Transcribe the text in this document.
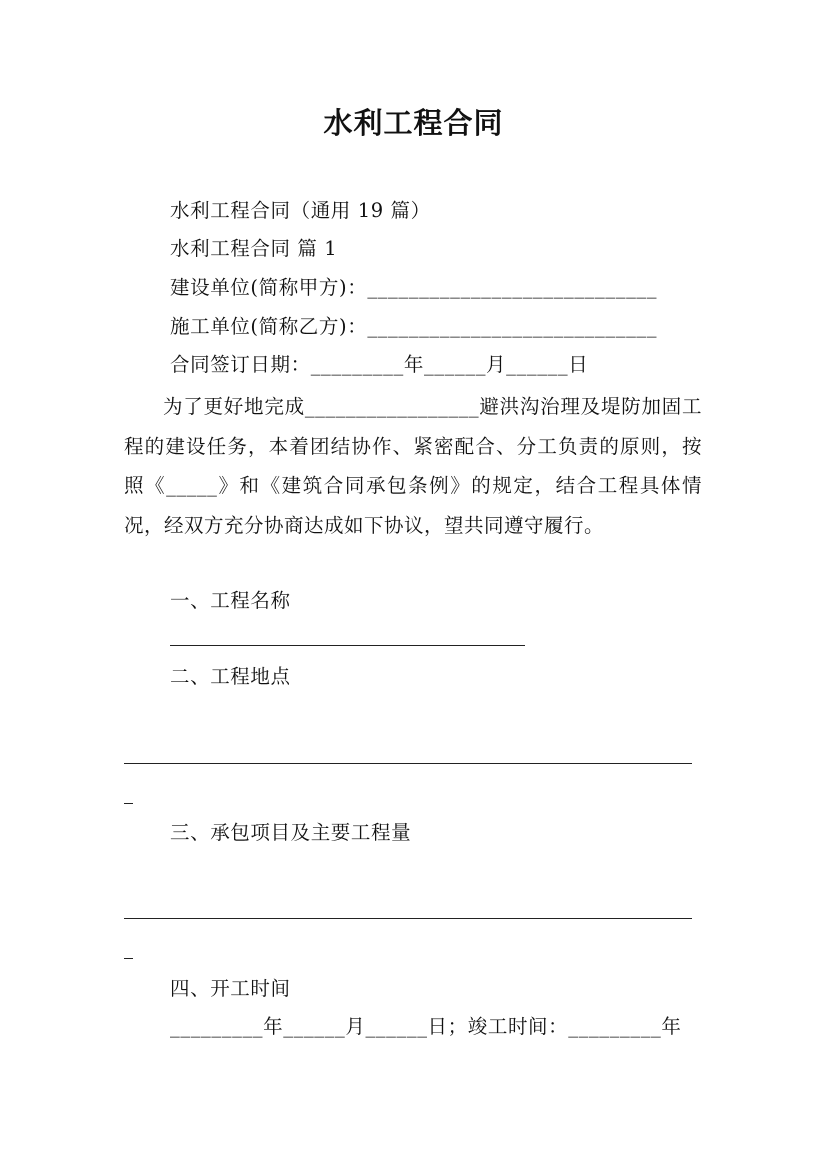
水利工程合同
水利工程合同（通用 19 篇）
水利工程合同 篇 1
建设单位(简称甲方)：____________________________
施工单位(简称乙方)：____________________________
合同签订日期：_________年______月______日
为了更好地完成_________________避洪沟治理及堤防加固工程的建设任务，本着团结协作、紧密配合、分工负责的原则，按照《_____》和《建筑合同承包条例》的规定，结合工程具体情况，经双方充分协商达成如下协议，望共同遵守履行。
一、工程名称
二、工程地点
三、承包项目及主要工程量
四、开工时间
_________年______月______日；竣工时间：_________年
